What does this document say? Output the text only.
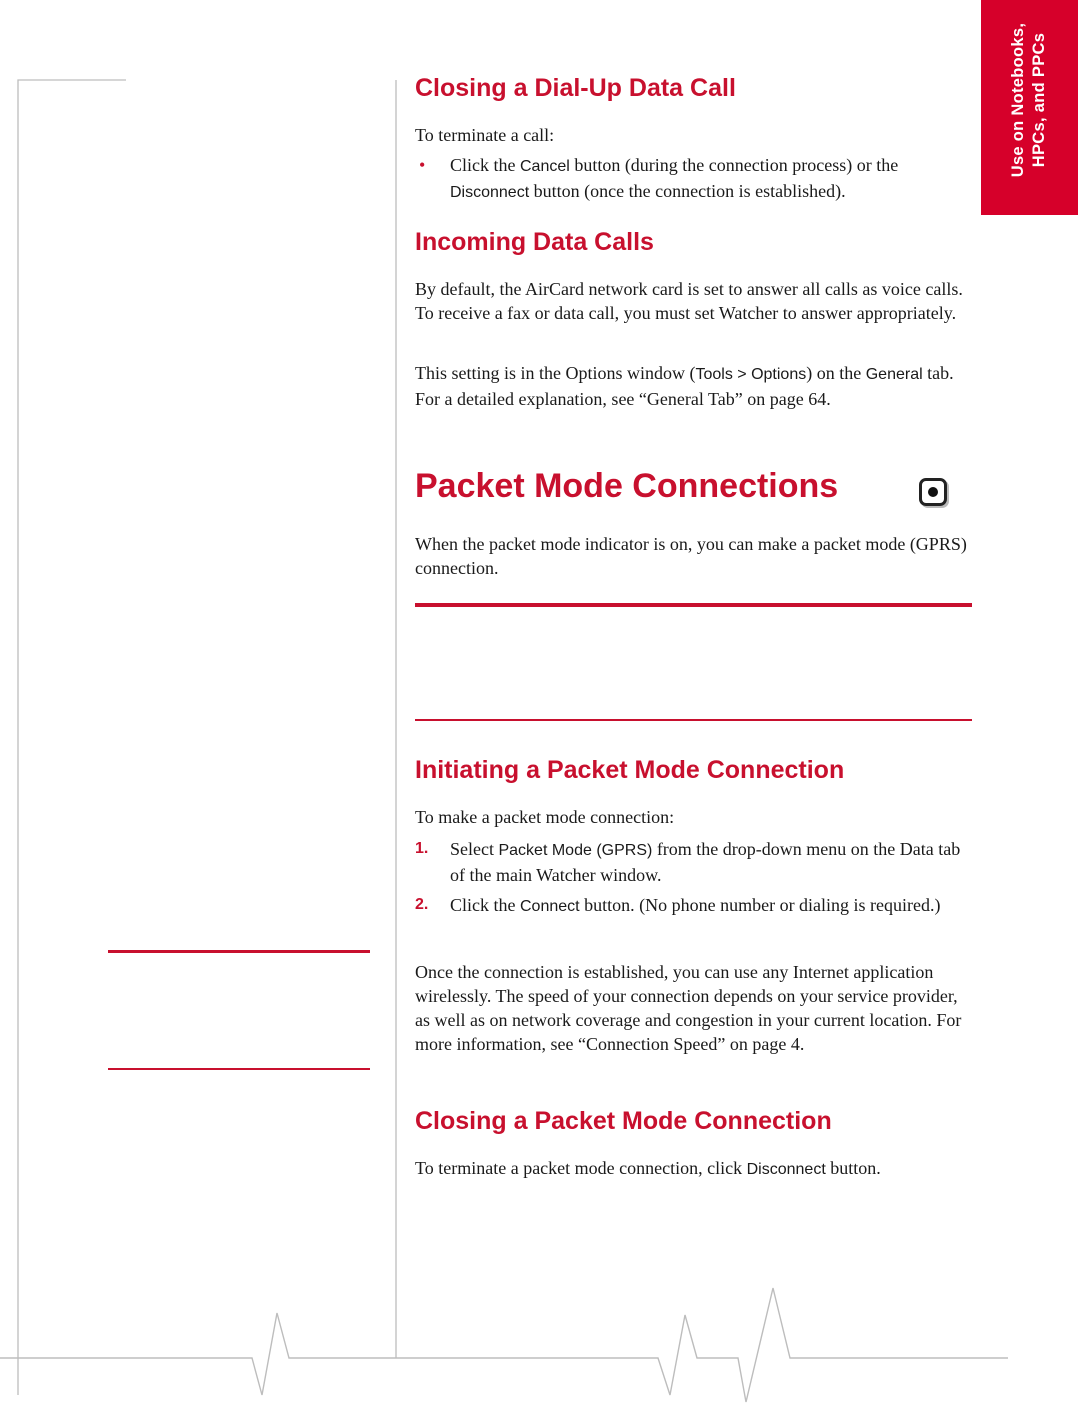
Use on Notebooks, HPCs, and PPCs
Closing a Dial-Up Data Call

To terminate a call:

• Click the Cancel button (during the connection process) or the Disconnect button (once the connection is established).
Incoming Data Calls

By default, the AirCard network card is set to answer all calls as voice calls. To receive a fax or data call, you must set Watcher to answer appropriately.

This setting is in the Options window (Tools > Options) on the General tab. For a detailed explanation, see “General Tab” on page 64.

Packet Mode Connections

When the packet mode indicator is on, you can make a packet mode (GPRS) connection.

Initiating a Packet Mode Connection

To make a packet mode connection:

1. Select Packet Mode (GPRS) from the drop-down menu on the Data tab of the main Watcher window.
2. Click the Connect button. (No phone number or dialing is required.)

Once the connection is established, you can use any Internet application wirelessly. The speed of your connection depends on your service provider, as well as on network coverage and congestion in your current location. For more information, see “Connection Speed” on page 4.

Closing a Packet Mode Connection

To terminate a packet mode connection, click Disconnect button.
